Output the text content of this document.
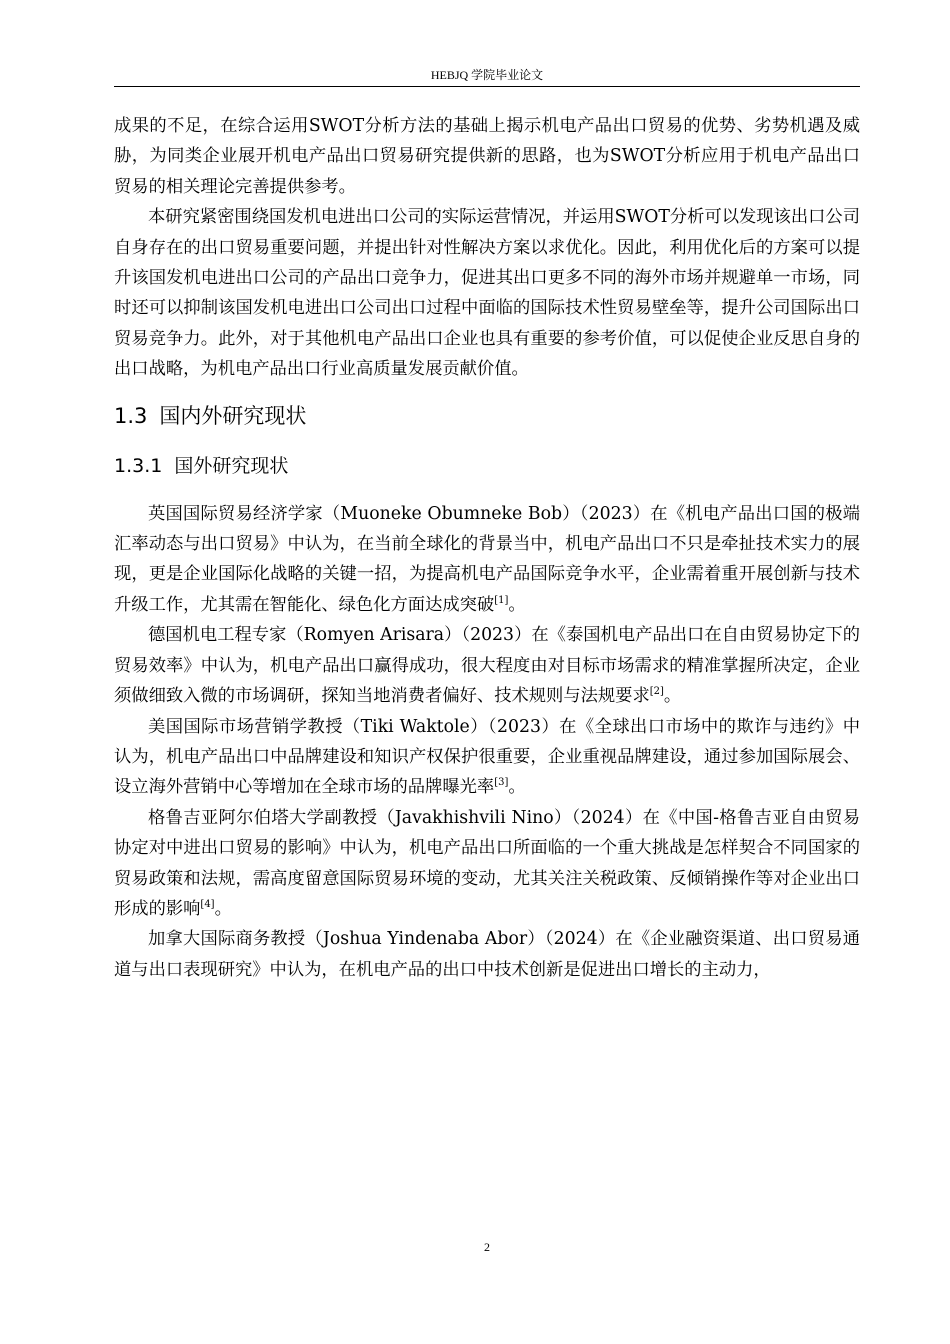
HEBJQ 学院毕业论文

成果的不足，在综合运用SWOT分析方法的基础上揭示机电产品出口贸易的优势、劣势机遇及威胁，为同类企业展开机电产品出口贸易研究提供新的思路，也为SWOT分析应用于机电产品出口贸易的相关理论完善提供参考。

本研究紧密围绕国发机电进出口公司的实际运营情况，并运用SWOT分析可以发现该出口公司自身存在的出口贸易重要问题，并提出针对性解决方案以求优化。因此，利用优化后的方案可以提升该国发机电进出口公司的产品出口竞争力，促进其出口更多不同的海外市场并规避单一市场，同时还可以抑制该国发机电进出口公司出口过程中面临的国际技术性贸易壁垒等，提升公司国际出口贸易竞争力。此外，对于其他机电产品出口企业也具有重要的参考价值，可以促使企业反思自身的出口战略，为机电产品出口行业高质量发展贡献价值。

1.3 国内外研究现状
1.3.1 国外研究现状

英国国际贸易经济学家（Muoneke Obumneke Bob）（2023）在《机电产品出口国的极端汇率动态与出口贸易》中认为，在当前全球化的背景当中，机电产品出口不只是牵扯技术实力的展现，更是企业国际化战略的关键一招，为提高机电产品国际竞争水平，企业需着重开展创新与技术升级工作，尤其需在智能化、绿色化方面达成突破[1]。

德国机电工程专家（Romyen Arisara）（2023）在《泰国机电产品出口在自由贸易协定下的贸易效率》中认为，机电产品出口赢得成功，很大程度由对目标市场需求的精准掌握所决定，企业须做细致入微的市场调研，探知当地消费者偏好、技术规则与法规要求[2]。

美国国际市场营销学教授（Tiki Waktole）（2023）在《全球出口市场中的欺诈与违约》中认为，机电产品出口中品牌建设和知识产权保护很重要，企业重视品牌建设，通过参加国际展会、设立海外营销中心等增加在全球市场的品牌曝光率[3]。

格鲁吉亚阿尔伯塔大学副教授（Javakhishvili Nino）（2024）在《中国-格鲁吉亚自由贸易协定对中进出口贸易的影响》中认为，机电产品出口所面临的一个重大挑战是怎样契合不同国家的贸易政策和法规，需高度留意国际贸易环境的变动，尤其关注关税政策、反倾销操作等对企业出口形成的影响[4]。

加拿大国际商务教授（Joshua Yindenaba Abor）（2024）在《企业融资渠道、出口贸易通道与出口表现研究》中认为，在机电产品的出口中技术创新是促进出口增长的主动力，

2
